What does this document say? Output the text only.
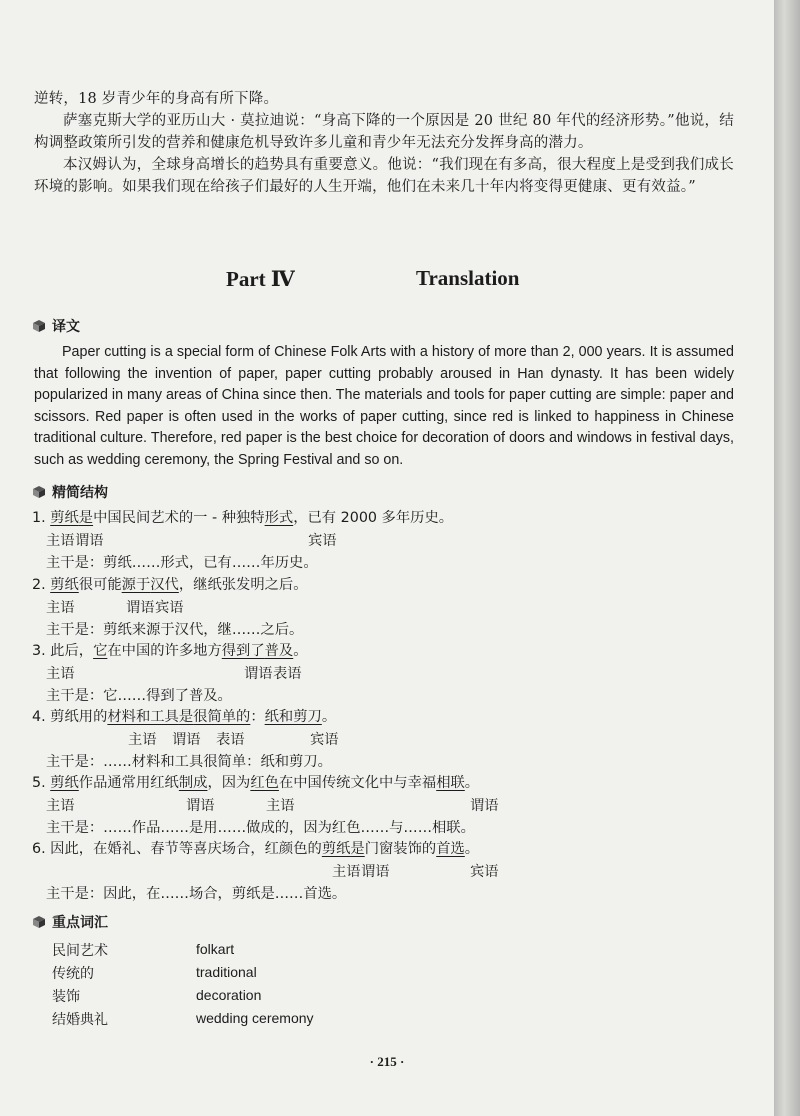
逆转，18 岁青少年的身高有所下降。
萨塞克斯大学的亚历山大 · 莫拉迪说：“身高下降的一个原因是 20 世纪 80 年代的经济形势。”他说，结构调整政策所引发的营养和健康危机导致许多儿童和青少年无法充分发挥身高的潜力。
本汉姆认为，全球身高增长的趋势具有重要意义。他说：“我们现在有多高，很大程度上是受到我们成长环境的影响。如果我们现在给孩子们最好的人生开端，他们在未来几十年内将变得更健康、更有效益。”
Part Ⅳ	Translation
译文
Paper cutting is a special form of Chinese Folk Arts with a history of more than 2, 000 years. It is assumed that following the invention of paper, paper cutting probably aroused in Han dynasty. It has been widely popularized in many areas of China since then. The materials and tools for paper cutting are simple: paper and scissors. Red paper is often used in the works of paper cutting, since red is linked to happiness in Chinese traditional culture. Therefore, red paper is the best choice for decoration of doors and windows in festival days, such as wedding ceremony, the Spring Festival and so on.
精简结构
1. 剪纸是中国民间艺术的一 - 种独特形式，已有 2000 多年历史。
主语 谓语	宾语
主干是：剪纸……形式，已有……年历史。
2. 剪纸很可能源于汉代，继纸张发明之后。
主语	谓语 宾语
主干是：剪纸来源于汉代，继……之后。
3. 此后，它在中国的许多地方得到了普及。
主语	谓语 表语
主干是：它……得到了普及。
4. 剪纸用的材料和工具是很简单的：纸和剪刀。
主语 谓语 表语	宾语
主干是：……材料和工具很简单：纸和剪刀。
5. 剪纸作品通常用红纸制成，因为红色在中国传统文化中与幸福相联。
主语	谓语	主语	谓语
主干是：……作品……是用……做成的，因为红色……与……相联。
6. 因此，在婚礼、春节等喜庆场合，红颜色的剪纸是门窗装饰的首选。
主语 谓语	宾语
主干是：因此，在……场合，剪纸是……首选。
重点词汇
民间艺术	folkart
传统的	traditional
装饰	decoration
结婚典礼	wedding ceremony
· 215 ·
